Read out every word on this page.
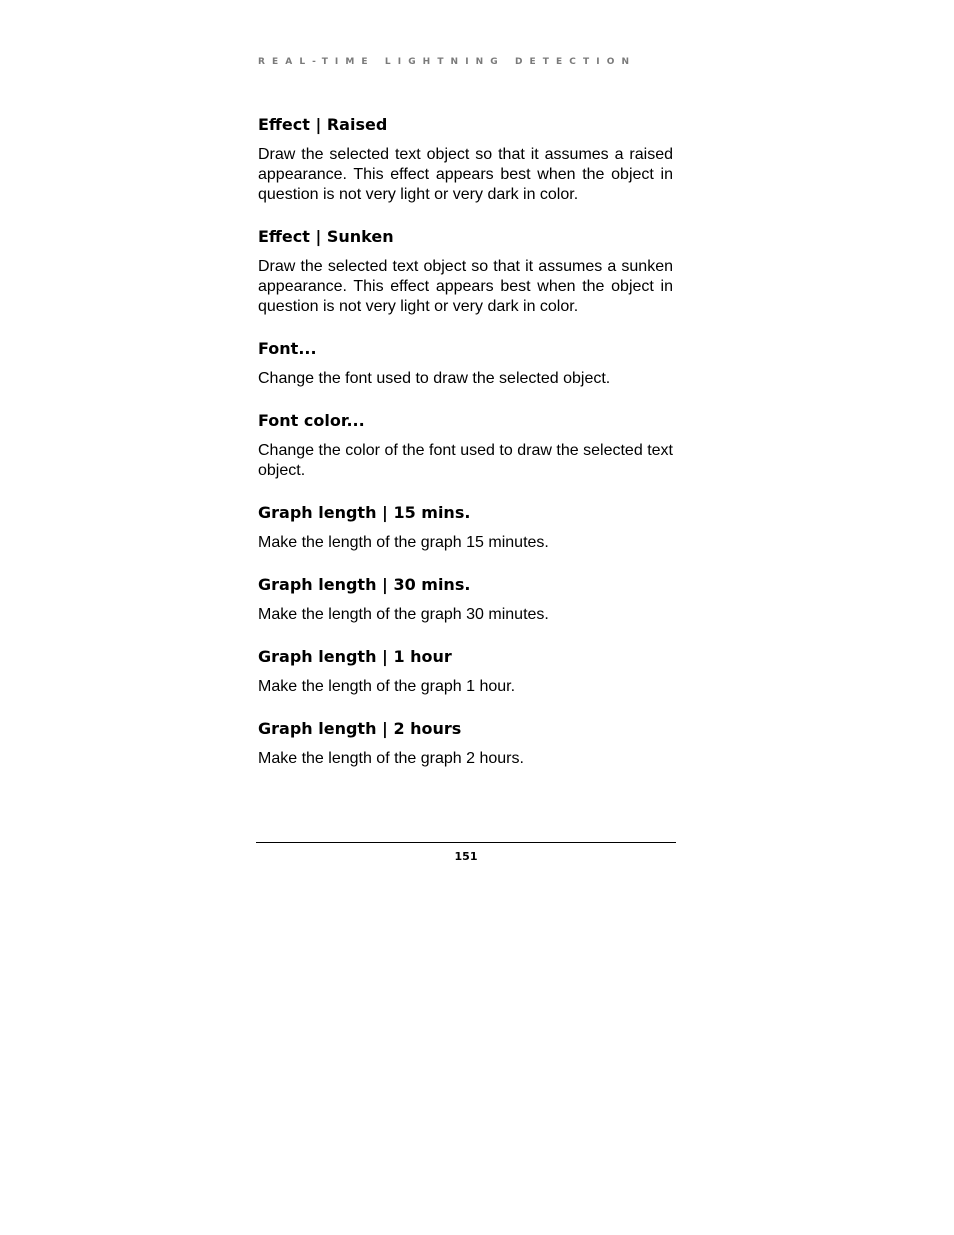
REAL-TIME LIGHTNING DETECTION
Effect | Raised

Draw the selected text object so that it assumes a raised appearance. This effect appears best when the object in question is not very light or very dark in color.

Effect | Sunken

Draw the selected text object so that it assumes a sunken appearance. This effect appears best when the object in question is not very light or very dark in color.

Font...

Change the font used to draw the selected object.

Font color...

Change the color of the font used to draw the selected text object.

Graph length | 15 mins.

Make the length of the graph 15 minutes.

Graph length | 30 mins.

Make the length of the graph 30 minutes.

Graph length | 1 hour

Make the length of the graph 1 hour.

Graph length | 2 hours

Make the length of the graph 2 hours.

151
